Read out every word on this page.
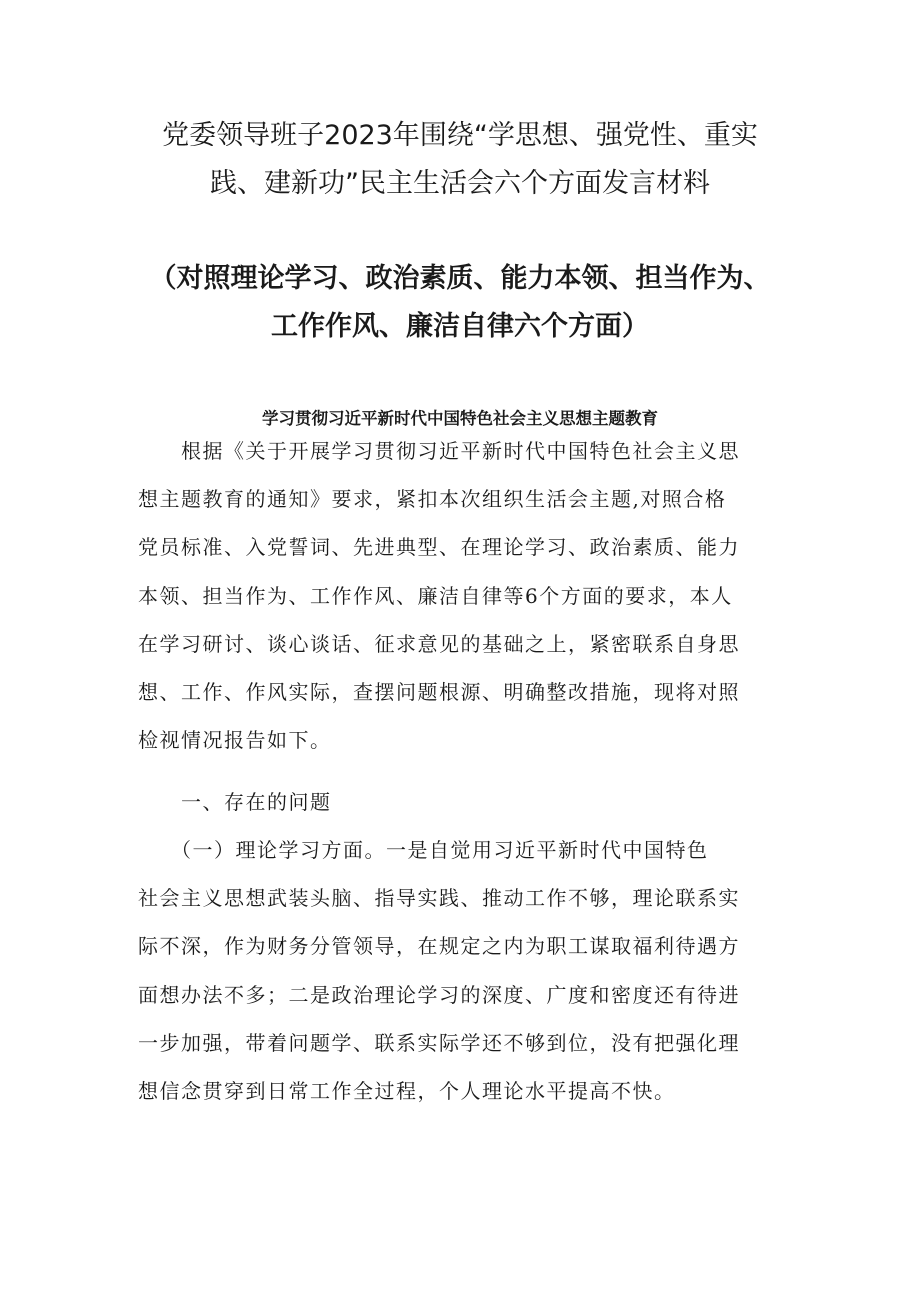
党委领导班子2023年围绕“学思想、强党性、重实
践、建新功”民主生活会六个方面发言材料
（对照理论学习、政治素质、能力本领、担当作为、
工作作风、廉洁自律六个方面）
学习贯彻习近平新时代中国特色社会主义思想主题教育
　　根据《关于开展学习贯彻习近平新时代中国特色社会主义思
想主题教育的通知》要求，紧扣本次组织生活会主题,对照合格
党员标准、入党誓词、先进典型、在理论学习、政治素质、能力
本领、担当作为、工作作风、廉洁自律等6个方面的要求，本人
在学习研讨、谈心谈话、征求意见的基础之上，紧密联系自身思
想、工作、作风实际，查摆问题根源、明确整改措施，现将对照
检视情况报告如下。
　　一、存在的问题
　　（一）理论学习方面。一是自觉用习近平新时代中国特色
社会主义思想武装头脑、指导实践、推动工作不够，理论联系实
际不深，作为财务分管领导，在规定之内为职工谋取福利待遇方
面想办法不多；二是政治理论学习的深度、广度和密度还有待进
一步加强，带着问题学、联系实际学还不够到位，没有把强化理
想信念贯穿到日常工作全过程，个人理论水平提高不快。
